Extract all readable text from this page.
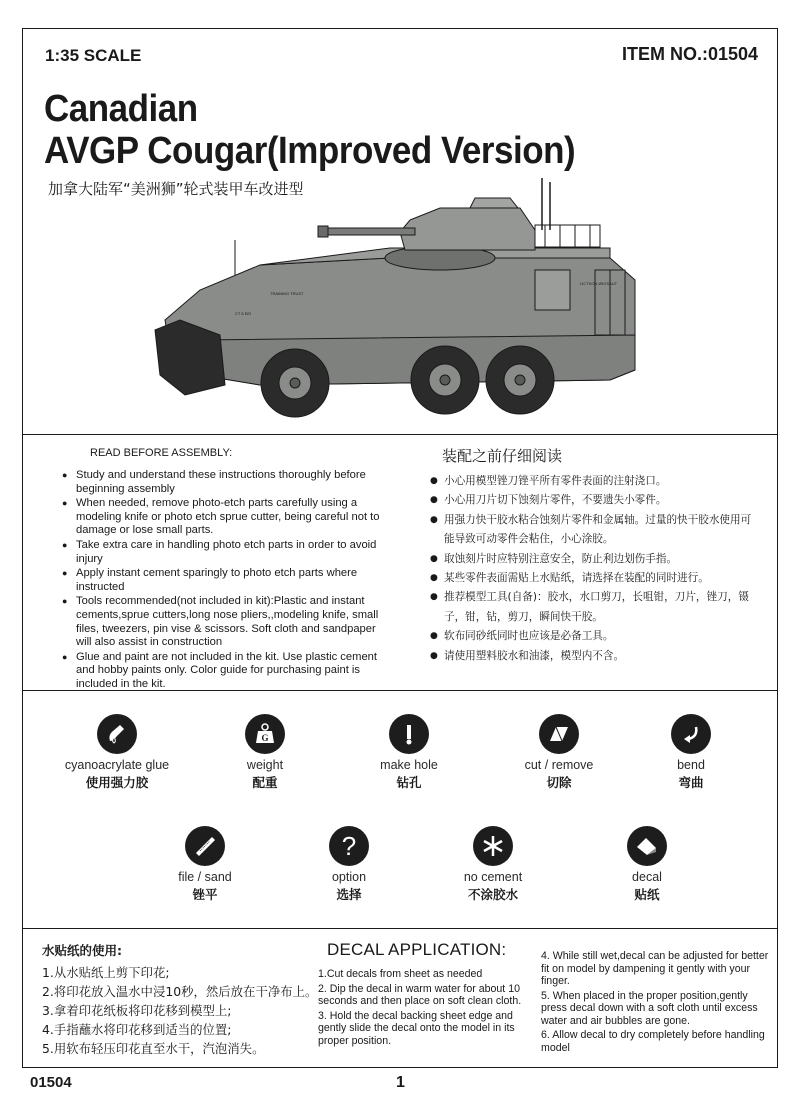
1:35 SCALE	ITEM NO.:01504
Canadian
AVGP Cougar(Improved Version)
加拿大陆军“美洲狮”轮式装甲车改进型
TRAINING TRUST
CT 8 EEI
LICTSON WIGSAUT
READ BEFORE ASSEMBLY:
● Study and understand these instructions thoroughly before beginning assembly
● When needed, remove photo-etch parts carefully using a modeling knife or photo etch sprue cutter, being careful not to damage or lose small parts.
● Take extra care in handling photo etch parts in order to avoid injury
● Apply instant cement sparingly to photo etch parts where instructed
● Tools recommended(not included in kit):Plastic and instant cements,sprue cutters,long nose pliers,,modeling knife, small files, tweezers, pin vise & scissors. Soft cloth and sandpaper will also assist in construction
● Glue and paint are not included in the kit. Use plastic cement and hobby paints only. Color guide for purchasing paint is included in the kit.
装配之前仔细阅读
● 小心用模型锉刀锉平所有零件表面的注射浇口。
● 小心用刀片切下蚀刻片零件，不要遗失小零件。
● 用强力快干胶水粘合蚀刻片零件和金属轴。过量的快干胶水使用可能导致可动零件会粘住，小心涂胶。
● 取蚀刻片时应特别注意安全，防止利边划伤手指。
● 某些零件表面需贴上水贴纸，请选择在装配的同时进行。
● 推荐模型工具(自备)：胶水，水口剪刀，长咀钳，刀片，锉刀，镊子，钳，钻，剪刀，瞬间快干胶。
● 软布同砂纸同时也应该是必备工具。
● 请使用塑料胶水和油漆，模型内不含。
cyanoacrylate glue
使用强力胶
G
weight
配重
make hole
钻孔
cut / remove
切除
bend
弯曲
file / sand
锉平
?
option
选择
no cement
不涂胶水
decal
贴纸
水贴纸的使用:
1.从水贴纸上剪下印花;
2.将印花放入温水中浸10秒，然后放在干净布上。
3.拿着印花纸板将印花移到模型上;
4.手指蘸水将印花移到适当的位置;
5.用软布轻压印花直至水干，汽泡消失。
DECAL APPLICATION:
1.Cut decals from sheet as needed
2. Dip the decal in warm water for about 10 seconds and then place on soft clean cloth.
3. Hold the decal backing sheet edge and gently slide the decal onto the model in its proper position.
4. While still wet,decal can be adjusted for better fit on model by dampening it gently with your finger.
5. When placed in the proper position,gently press decal down with a soft cloth until excess water and air bubbles are gone.
6. Allow decal to dry completely before handling model
01504	1
